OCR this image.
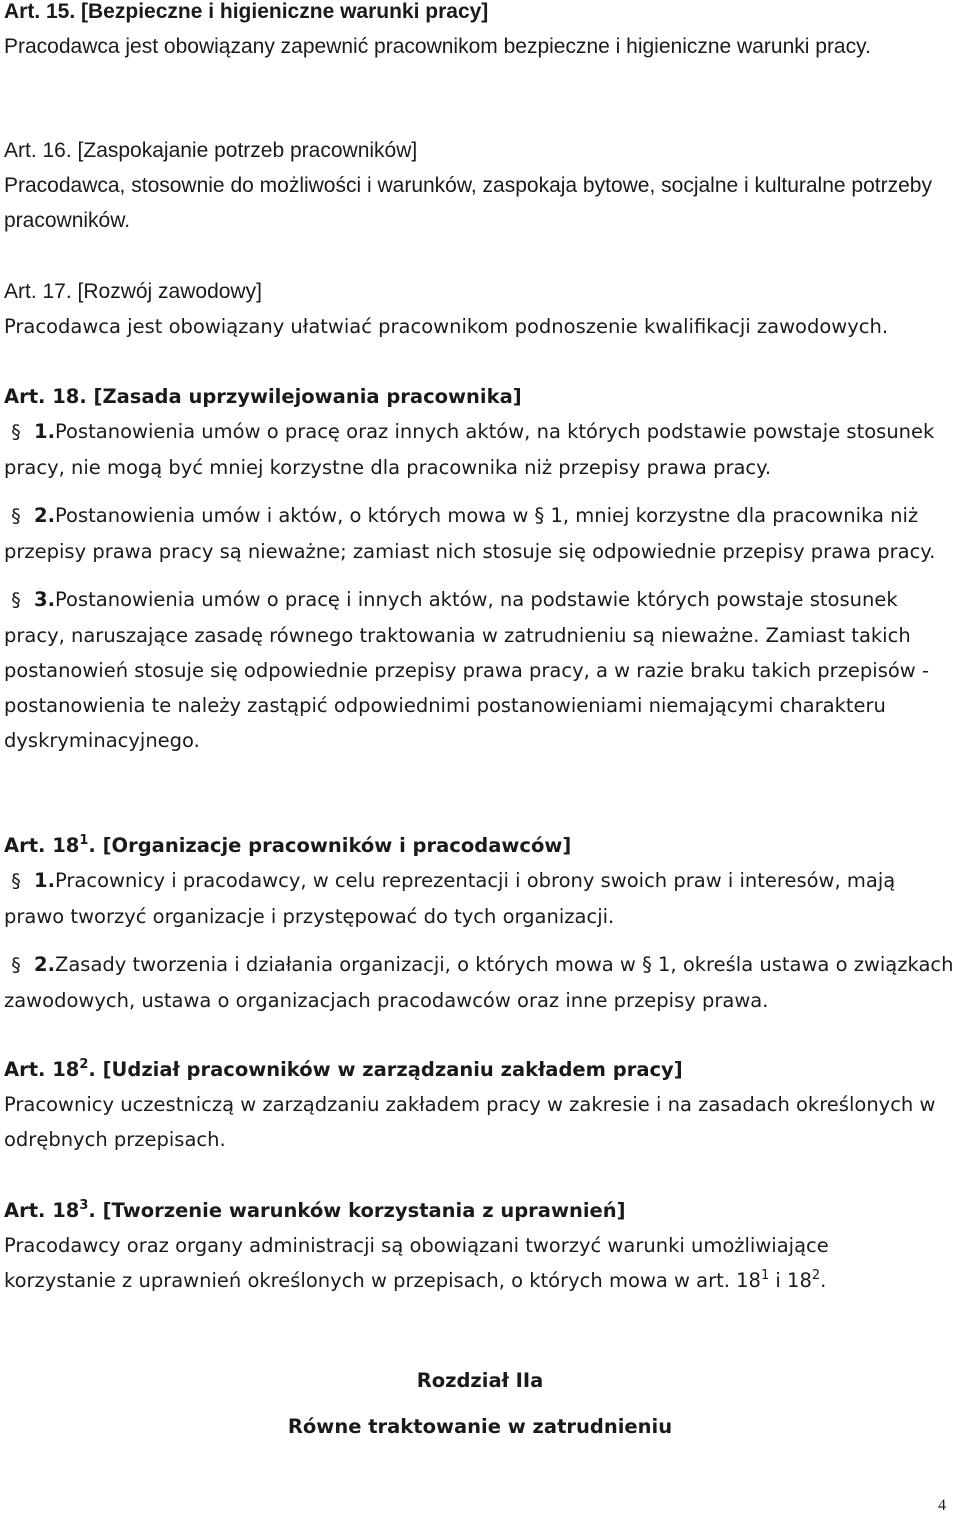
Art. 15. [Bezpieczne i higieniczne warunki pracy]
Pracodawca jest obowiązany zapewnić pracownikom bezpieczne i higieniczne warunki pracy.
Art. 16. [Zaspokajanie potrzeb pracowników]
Pracodawca, stosownie do możliwości i warunków, zaspokaja bytowe, socjalne i kulturalne potrzeby pracowników.
Art. 17. [Rozwój zawodowy]
Pracodawca jest obowiązany ułatwiać pracownikom podnoszenie kwalifikacji zawodowych.
Art. 18. [Zasada uprzywilejowania pracownika]
§ 1.Postanowienia umów o pracę oraz innych aktów, na których podstawie powstaje stosunek pracy, nie mogą być mniej korzystne dla pracownika niż przepisy prawa pracy.
§ 2.Postanowienia umów i aktów, o których mowa w § 1, mniej korzystne dla pracownika niż przepisy prawa pracy są nieważne; zamiast nich stosuje się odpowiednie przepisy prawa pracy.
§ 3.Postanowienia umów o pracę i innych aktów, na podstawie których powstaje stosunek pracy, naruszające zasadę równego traktowania w zatrudnieniu są nieważne. Zamiast takich postanowień stosuje się odpowiednie przepisy prawa pracy, a w razie braku takich przepisów - postanowienia te należy zastąpić odpowiednimi postanowieniami niemającymi charakteru dyskryminacyjnego.
Art. $18^1$. [Organizacje pracowników i pracodawców]
§ 1.Pracownicy i pracodawcy, w celu reprezentacji i obrony swoich praw i interesów, mają prawo tworzyć organizacje i przystępować do tych organizacji.
§ 2.Zasady tworzenia i działania organizacji, o których mowa w § 1, określa ustawa o związkach zawodowych, ustawa o organizacjach pracodawców oraz inne przepisy prawa.
Art. $18^2$. [Udział pracowników w zarządzaniu zakładem pracy]
Pracownicy uczestniczą w zarządzaniu zakładem pracy w zakresie i na zasadach określonych w odrębnych przepisach.
Art. $18^3$. [Tworzenie warunków korzystania z uprawnień]
Pracodawcy oraz organy administracji są obowiązani tworzyć warunki umożliwiające korzystanie z uprawnień określonych w przepisach, o których mowa w art. $18^1$ i $18^2$.
Rozdział IIa
Równe traktowanie w zatrudnieniu
4
